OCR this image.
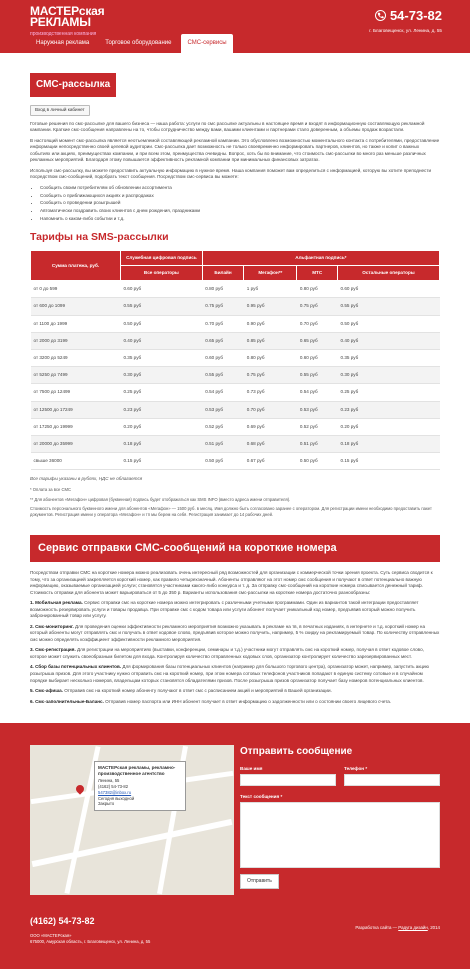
МАСТЕРская
РЕКЛАМЫ
производственная компания
54-73-82
г. Благовещенск, ул. Ленина, д. 55
Наружная реклама	Торговое оборудование	СМС-сервисы
СМС-рассылка
Вход в личный кабинет

Готовые решения по смс-рассылке для вашего бизнеса — наша работа: услуги по смс рассылке актуальны в настоящее время и входят в информационную составляющую рекламной кампании. Краткие смс-сообщения направлены на то, чтобы сотрудничество между вами, вашими клиентами и партнерами стало доверенным, а объемы продаж возрастали.

В настоящий момент смс-рассылка является неотъемлемой составляющей рекламной кампании. Это обусловлено возможностью моментального контакта с потребителями, предоставление информации непосредственно своей целевой аудитории. Смс-рассылка дает возможность не только своевременно информировать партнеров, клиентов, но также и копит о важных событиях или акциях, преимуществах компании, и при всем этом, преимущества очевидны. Вопрос, хоть бы во внимание, что стоимость смс-рассылки во много раз меньше различных рекламных мероприятий. Благодаря этому повышается эффективность рекламной компании при минимальных финансовых затратах.

Используя смс-рассылку, вы можете предоставить актуальную информацию в нужное время. Наша компания поможет вам определиться с информацией, которую вы хотите преподнести посредством смс-сообщений, подобрать текст сообщения. Посредством смс-сервиса вы можете:

• Сообщить своим потребителям об обновлении ассортимента
• Сообщить о приближающихся акциях и распродажах
• Сообщить о проведении розыгрышей
• Автоматически поздравить своих клиентов с днем рождения, праздниками
• Напомнить о каком-либо событии и т.д.
Тарифы на SMS-рассылки
Сумма платежа, руб.	Служебная цифровая подпись	Альфантная подпись*			
	Все операторы	Билайн	Мегафон**	МТС	Остальные операторы
от 0 до 599	0.60 руб	0.80 руб	1 руб	0.80 руб	0.60 руб
от 600 до 1099	0.55 руб	0.75 руб	0.95 руб	0.75 руб	0.55 руб
от 1100 до 1999	0.50 руб	0.70 руб	0.90 руб	0.70 руб	0.50 руб
от 2000 до 3199	0.40 руб	0.65 руб	0.85 руб	0.65 руб	0.40 руб
от 3200 до 5249	0.35 руб	0.60 руб	0.80 руб	0.60 руб	0.35 руб
от 5250 до 7499	0.30 руб	0.55 руб	0.75 руб	0.55 руб	0.30 руб
от 7500 до 12499	0.25 руб	0.54 руб	0.73 руб	0.54 руб	0.25 руб
от 12500 до 17249	0.23 руб	0.53 руб	0.70 руб	0.53 руб	0.23 руб
от 17250 до 19999	0.20 руб	0.52 руб	0.69 руб	0.52 руб	0.20 руб
от 20000 до 35999	0.18 руб	0.51 руб	0.68 руб	0.51 руб	0.18 руб
свыше 36000	0.15 руб	0.50 руб	0.67 руб	0.50 руб	0.15 руб

Все тарифы указаны в рублях, НДС не облагается

* Оплата за все СМС

** Для абонентов «Мегафон» цифровая (буквенная) подпись будет отображаться как SMS INFO (вместо адреса имени отправителя).

Стоимость персонального буквенного имени для абонентов «Мегафон» — 1500 руб. в месяц. Имя должно быть согласовано заранее с оператором. Для регистрации имени необходимо предоставить пакет документов. Регистрация имени у оператора «Мегафон» и тп мы берем на себя. Регистрация занимает до 14 рабочих дней.

Сервис отправки СМС-сообщений на короткие номера

Посредством отправки СМС на короткие номера можно реализовать очень интересный ряд возможностей для организации с коммерческой точки зрения проекта. Суть сервиса сводится к тому, что за организацией закрепляется короткий номер, как правило четырехзначный. Абоненты отправляют на этот номер смс сообщения и получают в ответ потенциально важную информацию, оказываемые организацией услуги; становятся участниками какого-либо конкурса и т. д. За отправку смс-сообщений на короткие номера списывается денежный тариф. Стоимость отправки для абонента может варьироваться от 5 до 350 р. Варианты использования смс-рассылки на короткие номера достаточно разнообразны:

1. Мобильная реклама. Сервис отправки смс на короткие номера можно интегрировать с различными учетными программами. Один из вариантов такой интеграции предоставляет возможность резервировать услуги и товары продавца. При отправке смс с кодом товара или услуги абонент получает уникальный код номер, предъявив который можно получить забронированный товар или услугу.
2. Смс-мониторинг. Для проведения оценки эффективности рекламного мероприятия возможно указывать в рекламе на тв, в печатных изданиях, в интернете и т.д. короткий номер на который абоненты могут отправлять смс и получать в ответ кодовое слово, предъявив которое можно получить, например, 5 % скидку на рекламируемый товар. По количеству отправленных смс можно определять коэффициент эффективности рекламного мероприятия.
3. Смс-регистрация. Для регистрации на мероприятиях (выставки, конференции, семинары и т.д.) участники могут отправлять смс на короткий номер, получая в ответ кодовое слово, которое может служить своеобразным билетом для входа. Контролируя количество отправленных кодовых слов, организатор контролирует количество зарезервированных мест.
4. Сбор базы потенциальных клиентов. Для формирования базы потенциальных клиентов (например для большого торгового центра), организатор может, например, запустить акцию розыгрыша призов. Для этого участнику нужно отправить смс на короткий номер, при этом номера сотовых телефонов участников попадают в единую систему сотовые и в случайном порядке выбирает несколько номеров, владельцам которых становятся обладателями призов. После розыгрыша призов организатор получает базу номеров потенциальных клиентов.
5. Смс-афиша. Отправив смс на короткий номер абоненту получают в ответ смс с расписанием акций и мероприятий в Вашей организации.
6. Смс-заполнительные-Баланс. Отправив номер паспорта или ИНН абонент получает в ответ информацию о задолженности или о состоянии своего лицевого счета.
МАСТЕРская рекламы, рекламно-производственное агентство
Ленина, 55
(4162) 54-73-82
547382@inbox.ru
Сегодня выходной
Закрыто
Отправить сообщение
Ваше имя	Телефон *
Текст сообщения *
Отправить
(4162) 54-73-82
ООО «МАСТЕРская»
675000, Амурская область, г. Благовещенск, ул. Ленина, д. 55
Разработка сайта — Радуга дизайн, 2014
